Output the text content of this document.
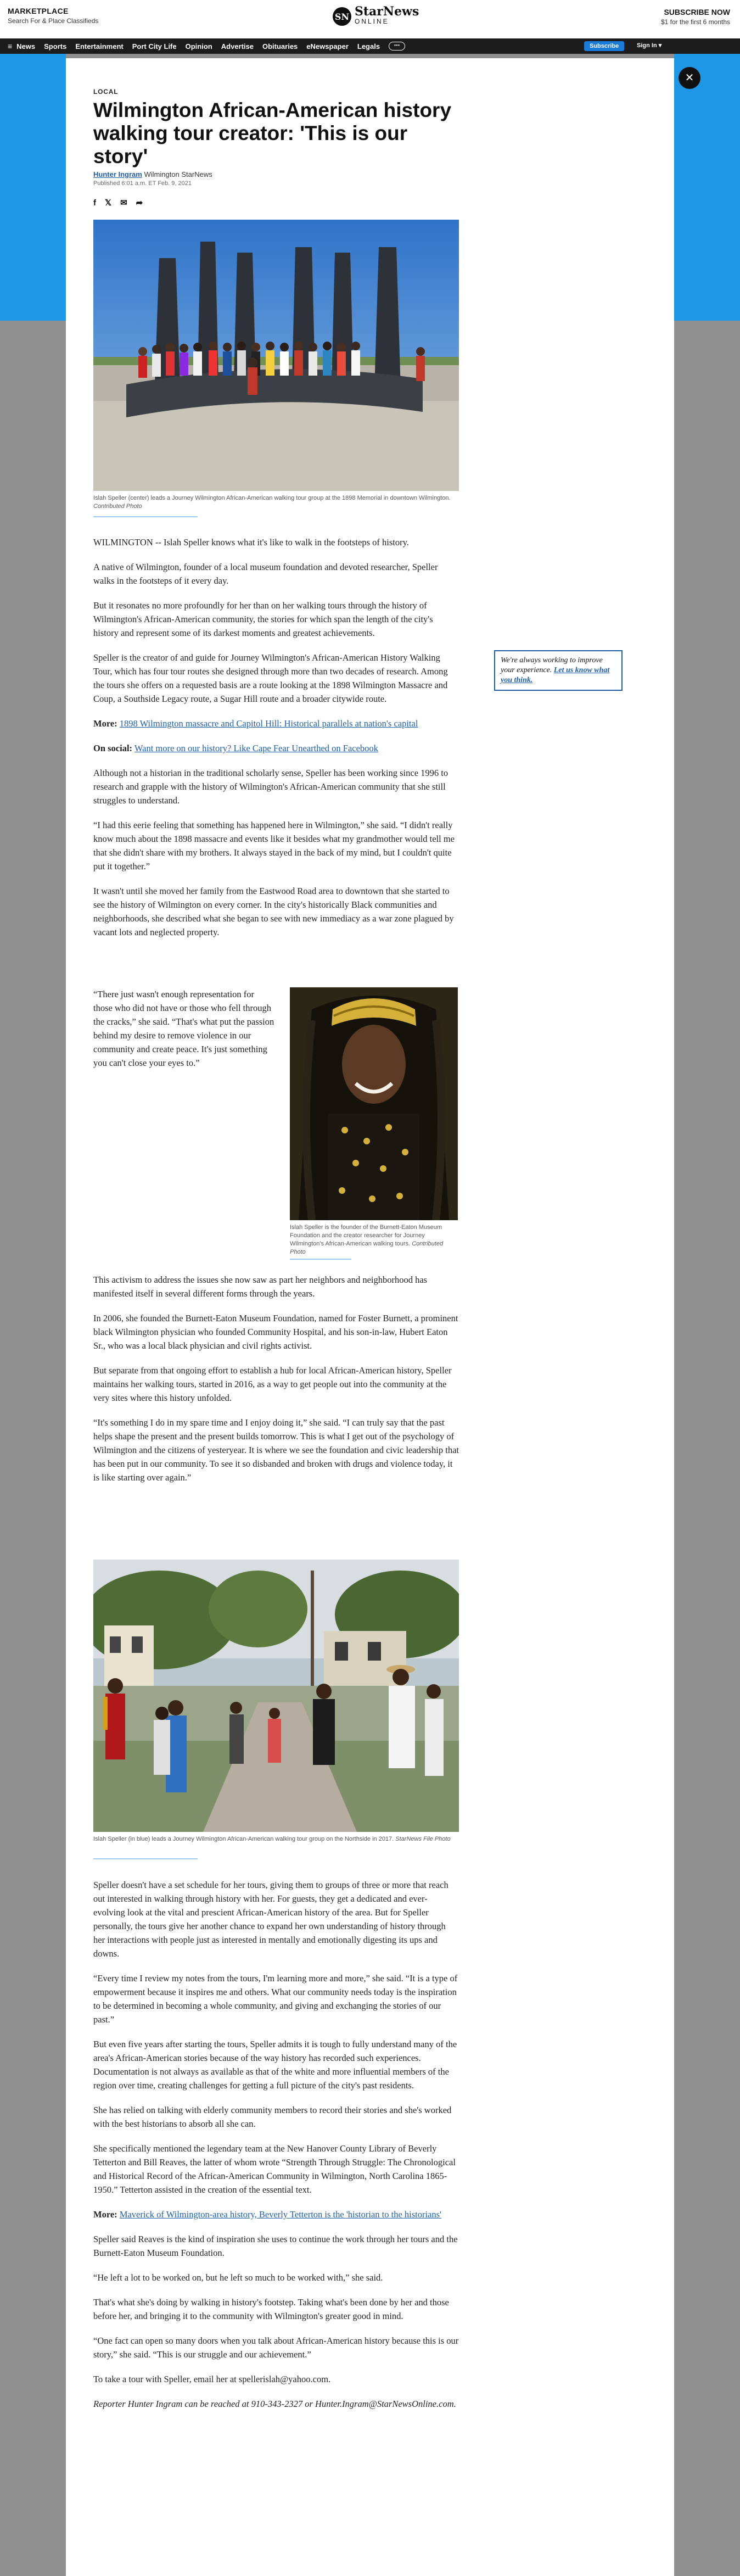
MARKETPLACE
Search For & Place Classifieds	SN StarNews
ONLINE
SUBSCRIBE NOW
$1 for the first 6 months
≡ News Sports Entertainment Port City Life Opinion Advertise Obituaries eNewspaper Legals	•••	Subscribe	Sign In ▾
✕
LOCAL
Wilmington African-American history walking tour creator: 'This is our story'
Hunter Ingram Wilmington StarNews
Published 6:01 a.m. ET Feb. 9, 2021
f 𝕏 ✉ ➦
Islah Speller (center) leads a Journey Wilmington African-American walking tour group at the 1898 Memorial in downtown Wilmington. Contributed Photo

WILMINGTON -- Islah Speller knows what it's like to walk in the footsteps of history.

A native of Wilmington, founder of a local museum foundation and devoted researcher, Speller walks in the footsteps of it every day.

But it resonates no more profoundly for her than on her walking tours through the history of Wilmington's African-American community, the stories for which span the length of the city's history and represent some of its darkest moments and greatest achievements.

Speller is the creator of and guide for Journey Wilmington's African-American History Walking Tour, which has four tour routes she designed through more than two decades of research. Among the tours she offers on a requested basis are a route looking at the 1898 Wilmington Massacre and Coup, a Southside Legacy route, a Sugar Hill route and a broader citywide route.

More: 1898 Wilmington massacre and Capitol Hill: Historical parallels at nation's capital

On social: Want more on our history? Like Cape Fear Unearthed on Facebook

Although not a historian in the traditional scholarly sense, Speller has been working since 1996 to research and grapple with the history of Wilmington's African-American community that she still struggles to understand.

“I had this eerie feeling that something has happened here in Wilmington,” she said. “I didn't really know much about the 1898 massacre and events like it besides what my grandmother would tell me that she didn't share with my brothers. It always stayed in the back of my mind, but I couldn't quite put it together.”

It wasn't until she moved her family from the Eastwood Road area to downtown that she started to see the history of Wilmington on every corner. In the city's historically Black communities and neighborhoods, she described what she began to see with new immediacy as a war zone plagued by vacant lots and neglected property.

We're always working to improve your experience. Let us know what you think.

“There just wasn't enough representation for those who did not have or those who fell through the cracks,” she said. “That's what put the passion behind my desire to remove violence in our community and create peace. It's just something you can't close your eyes to.”

Islah Speller is the founder of the Burnett-Eaton Museum Foundation and the creator researcher for Journey Wilmington's African-American walking tours. Contributed Photo

This activism to address the issues she now saw as part her neighbors and neighborhood has manifested itself in several different forms through the years.

In 2006, she founded the Burnett-Eaton Museum Foundation, named for Foster Burnett, a prominent black Wilmington physician who founded Community Hospital, and his son-in-law, Hubert Eaton Sr., who was a local black physician and civil rights activist.

But separate from that ongoing effort to establish a hub for local African-American history, Speller maintains her walking tours, started in 2016, as a way to get people out into the community at the very sites where this history unfolded.

“It's something I do in my spare time and I enjoy doing it,” she said. “I can truly say that the past helps shape the present and the present builds tomorrow. This is what I get out of the psychology of Wilmington and the citizens of yesteryear. It is where we see the foundation and civic leadership that has been put in our community. To see it so disbanded and broken with drugs and violence today, it is like starting over again.”

Islah Speller (in blue) leads a Journey Wilmington African-American walking tour group on the Northside in 2017. StarNews File Photo

Speller doesn't have a set schedule for her tours, giving them to groups of three or more that reach out interested in walking through history with her. For guests, they get a dedicated and ever-evolving look at the vital and prescient African-American history of the area. But for Speller personally, the tours give her another chance to expand her own understanding of history through her interactions with people just as interested in mentally and emotionally digesting its ups and downs.

“Every time I review my notes from the tours, I'm learning more and more,” she said. “It is a type of empowerment because it inspires me and others. What our community needs today is the inspiration to be determined in becoming a whole community, and giving and exchanging the stories of our past.”

But even five years after starting the tours, Speller admits it is tough to fully understand many of the area's African-American stories because of the way history has recorded such experiences. Documentation is not always as available as that of the white and more influential members of the region over time, creating challenges for getting a full picture of the city's past residents.

She has relied on talking with elderly community members to record their stories and she's worked with the best historians to absorb all she can.

She specifically mentioned the legendary team at the New Hanover County Library of Beverly Tetterton and Bill Reaves, the latter of whom wrote “Strength Through Struggle: The Chronological and Historical Record of the African-American Community in Wilmington, North Carolina 1865-1950.” Tetterton assisted in the creation of the essential text.

More: Maverick of Wilmington-area history, Beverly Tetterton is the 'historian to the historians'

Speller said Reaves is the kind of inspiration she uses to continue the work through her tours and the Burnett-Eaton Museum Foundation.

“He left a lot to be worked on, but he left so much to be worked with,” she said.

That's what she's doing by walking in history's footstep. Taking what's been done by her and those before her, and bringing it to the community with Wilmington's greater good in mind.

“One fact can open so many doors when you talk about African-American history because this is our story,” she said. “This is our struggle and our achievement.”

To take a tour with Speller, email her at spellerislah@yahoo.com.

Reporter Hunter Ingram can be reached at 910-343-2327 or Hunter.Ingram@StarNewsOnline.com.
